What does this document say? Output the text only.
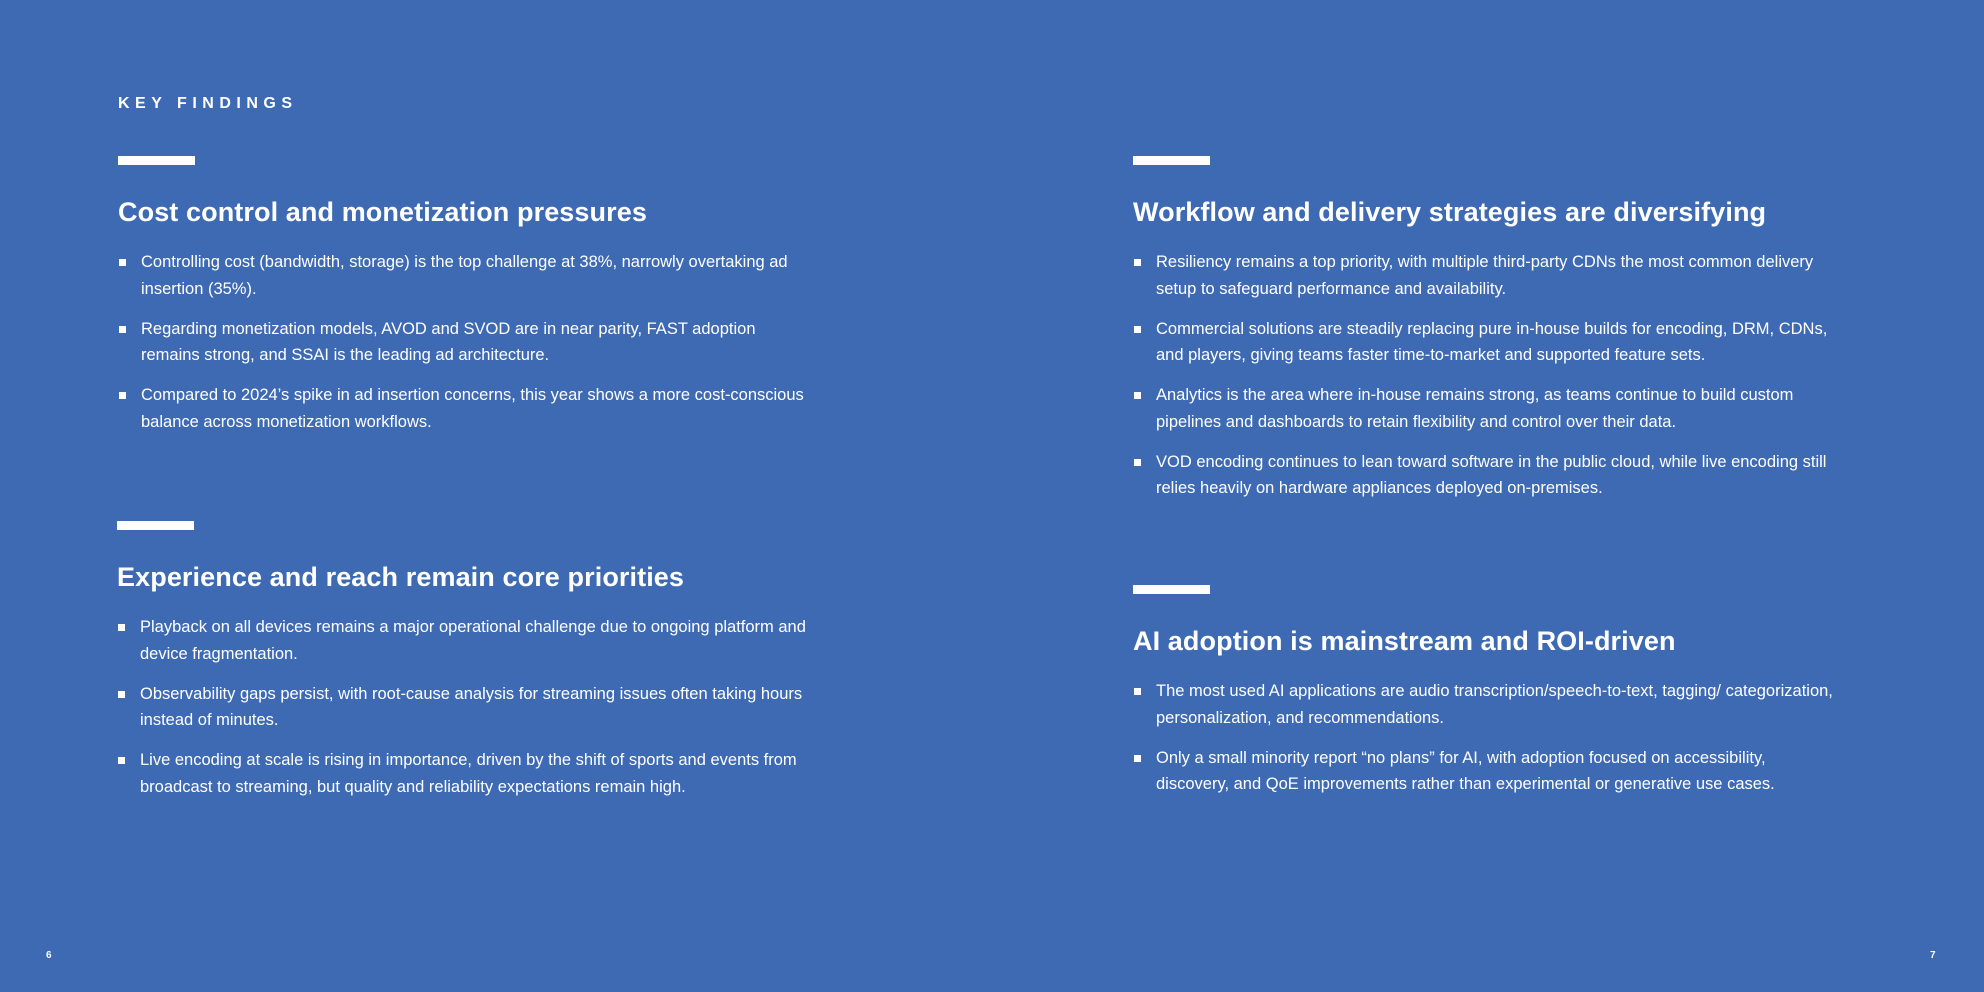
KEY FINDINGS
Cost control and monetization pressures
Controlling cost (bandwidth, storage) is the top challenge at 38%, narrowly overtaking ad insertion (35%).
Regarding monetization models, AVOD and SVOD are in near parity, FAST adoption remains strong, and SSAI is the leading ad architecture.
Compared to 2024’s spike in ad insertion concerns, this year shows a more cost-conscious balance across monetization workflows.
Experience and reach remain core priorities
Playback on all devices remains a major operational challenge due to ongoing platform and device fragmentation.
Observability gaps persist, with root-cause analysis for streaming issues often taking hours instead of minutes.
Live encoding at scale is rising in importance, driven by the shift of sports and events from broadcast to streaming, but quality and reliability expectations remain high.
Workflow and delivery strategies are diversifying
Resiliency remains a top priority, with multiple third-party CDNs the most common delivery setup to safeguard performance and availability.
Commercial solutions are steadily replacing pure in-house builds for encoding, DRM, CDNs, and players, giving teams faster time-to-market and supported feature sets.
Analytics is the area where in-house remains strong, as teams continue to build custom pipelines and dashboards to retain flexibility and control over their data.
VOD encoding continues to lean toward software in the public cloud, while live encoding still relies heavily on hardware appliances deployed on-premises.
AI adoption is mainstream and ROI-driven
The most used AI applications are audio transcription/speech-to-text, tagging/ categorization, personalization, and recommendations.
Only a small minority report “no plans” for AI, with adoption focused on accessibility, discovery, and QoE improvements rather than experimental or generative use cases.
6	7
